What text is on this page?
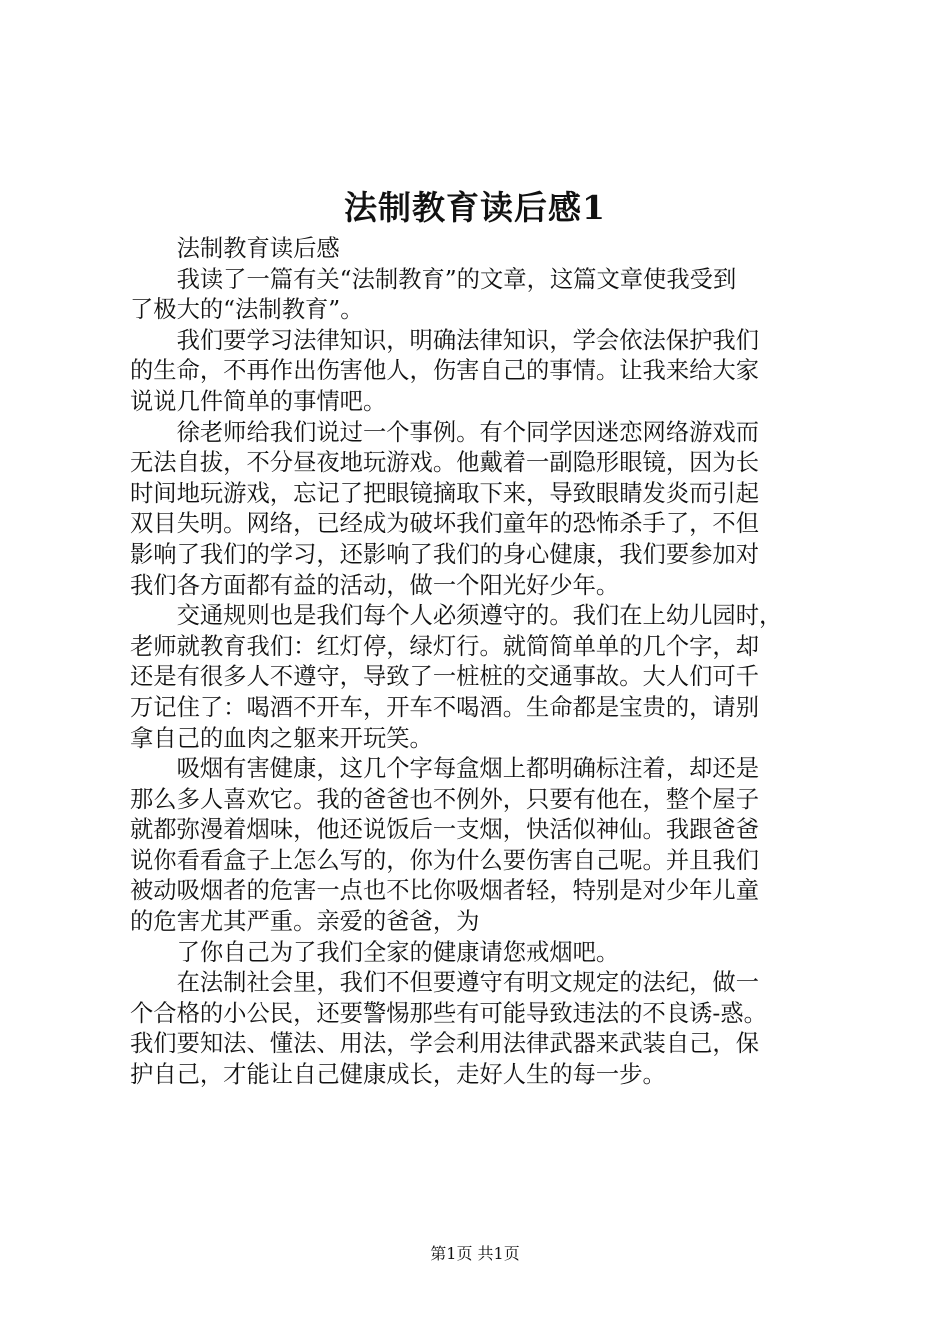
法制教育读后感1

法制教育读后感

我读了一篇有关“法制教育”的文章，这篇文章使我受到
了极大的“法制教育”。

我们要学习法律知识，明确法律知识，学会依法保护我们
的生命，不再作出伤害他人，伤害自己的事情。让我来给大家
说说几件简单的事情吧。

徐老师给我们说过一个事例。有个同学因迷恋网络游戏而
无法自拔，不分昼夜地玩游戏。他戴着一副隐形眼镜，因为长
时间地玩游戏，忘记了把眼镜摘取下来，导致眼睛发炎而引起
双目失明。网络，已经成为破坏我们童年的恐怖杀手了，不但
影响了我们的学习，还影响了我们的身心健康，我们要参加对
我们各方面都有益的活动，做一个阳光好少年。

交通规则也是我们每个人必须遵守的。我们在上幼儿园时，
老师就教育我们：红灯停，绿灯行。就简简单单的几个字，却
还是有很多人不遵守，导致了一桩桩的交通事故。大人们可千
万记住了：喝酒不开车，开车不喝酒。生命都是宝贵的，请别
拿自己的血肉之躯来开玩笑。

吸烟有害健康，这几个字每盒烟上都明确标注着，却还是
那么多人喜欢它。我的爸爸也不例外，只要有他在，整个屋子
就都弥漫着烟味，他还说饭后一支烟，快活似神仙。我跟爸爸
说你看看盒子上怎么写的，你为什么要伤害自己呢。并且我们
被动吸烟者的危害一点也不比你吸烟者轻，特别是对少年儿童
的危害尤其严重。亲爱的爸爸，为

了你自己为了我们全家的健康请您戒烟吧。

在法制社会里，我们不但要遵守有明文规定的法纪，做一
个合格的小公民，还要警惕那些有可能导致违法的不良诱-惑。
我们要知法、懂法、用法，学会利用法律武器来武装自己，保
护自己，才能让自己健康成长，走好人生的每一步。

第1页 共1页
